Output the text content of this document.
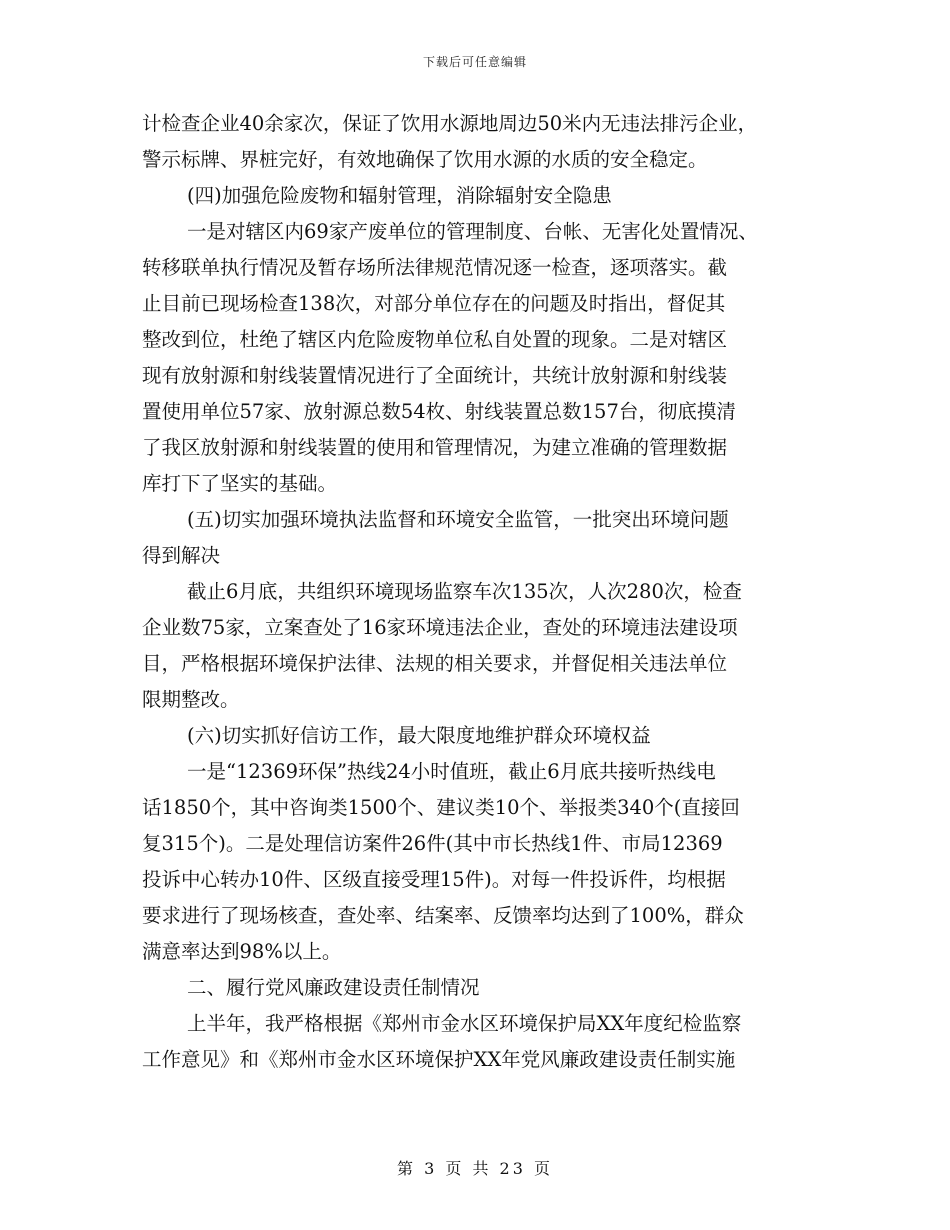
下载后可任意编辑
计检查企业40余家次，保证了饮用水源地周边50米内无违法排污企业，
警示标牌、界桩完好，有效地确保了饮用水源的水质的安全稳定。
(四)加强危险废物和辐射管理，消除辐射安全隐患
一是对辖区内69家产废单位的管理制度、台帐、无害化处置情况、
转移联单执行情况及暂存场所法律规范情况逐一检查，逐项落实。截
止目前已现场检查138次，对部分单位存在的问题及时指出，督促其
整改到位，杜绝了辖区内危险废物单位私自处置的现象。二是对辖区
现有放射源和射线装置情况进行了全面统计，共统计放射源和射线装
置使用单位57家、放射源总数54枚、射线装置总数157台，彻底摸清
了我区放射源和射线装置的使用和管理情况，为建立准确的管理数据
库打下了坚实的基础。
(五)切实加强环境执法监督和环境安全监管，一批突出环境问题
得到解决
截止6月底，共组织环境现场监察车次135次，人次280次，检查
企业数75家，立案查处了16家环境违法企业，查处的环境违法建设项
目，严格根据环境保护法律、法规的相关要求，并督促相关违法单位
限期整改。
(六)切实抓好信访工作，最大限度地维护群众环境权益
一是“12369环保”热线24小时值班，截止6月底共接听热线电
话1850个，其中咨询类1500个、建议类10个、举报类340个(直接回
复315个)。二是处理信访案件26件(其中市长热线1件、市局12369
投诉中心转办10件、区级直接受理15件)。对每一件投诉件，均根据
要求进行了现场核查，查处率、结案率、反馈率均达到了100%，群众
满意率达到98%以上。
二、履行党风廉政建设责任制情况
上半年，我严格根据《郑州市金水区环境保护局XX年度纪检监察
工作意见》和《郑州市金水区环境保护XX年党风廉政建设责任制实施
第 3 页 共 23 页
